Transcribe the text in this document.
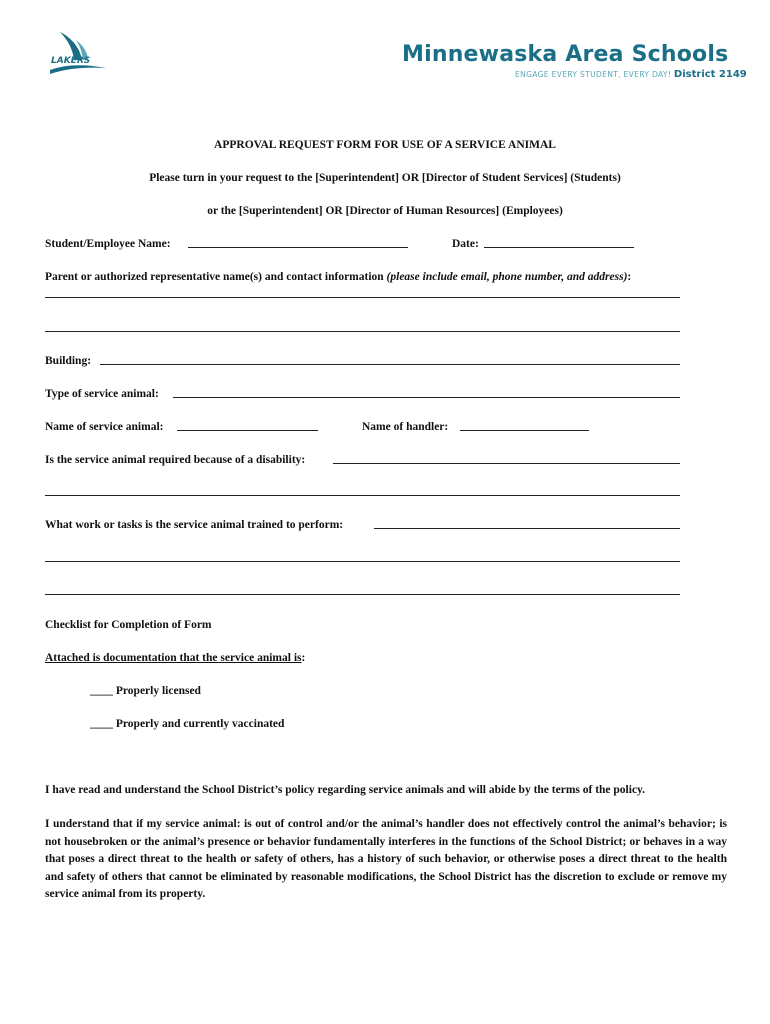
LAKERS	Minnewaska Area Schools
ENGAGE EVERY STUDENT, EVERY DAY! District 2149
APPROVAL REQUEST FORM FOR USE OF A SERVICE ANIMAL
Please turn in your request to the [Superintendent] OR [Director of Student Services] (Students)
or the [Superintendent] OR [Director of Human Resources] (Employees)
Student/Employee Name:	Date:
Parent or authorized representative name(s) and contact information (please include email, phone number, and address):
Building:
Type of service animal:
Name of service animal:	Name of handler:
Is the service animal required because of a disability:
What work or tasks is the service animal trained to perform:
Checklist for Completion of Form
Attached is documentation that the service animal is:
____ Properly licensed
____ Properly and currently vaccinated
I have read and understand the School District’s policy regarding service animals and will abide by the terms of the policy.
I understand that if my service animal: is out of control and/or the animal’s handler does not effectively control the animal’s behavior; is not housebroken or the animal’s presence or behavior fundamentally interferes in the functions of the School District; or behaves in a way that poses a direct threat to the health or safety of others, has a history of such behavior, or otherwise poses a direct threat to the health and safety of others that cannot be eliminated by reasonable modifications, the School District has the discretion to exclude or remove my service animal from its property.
